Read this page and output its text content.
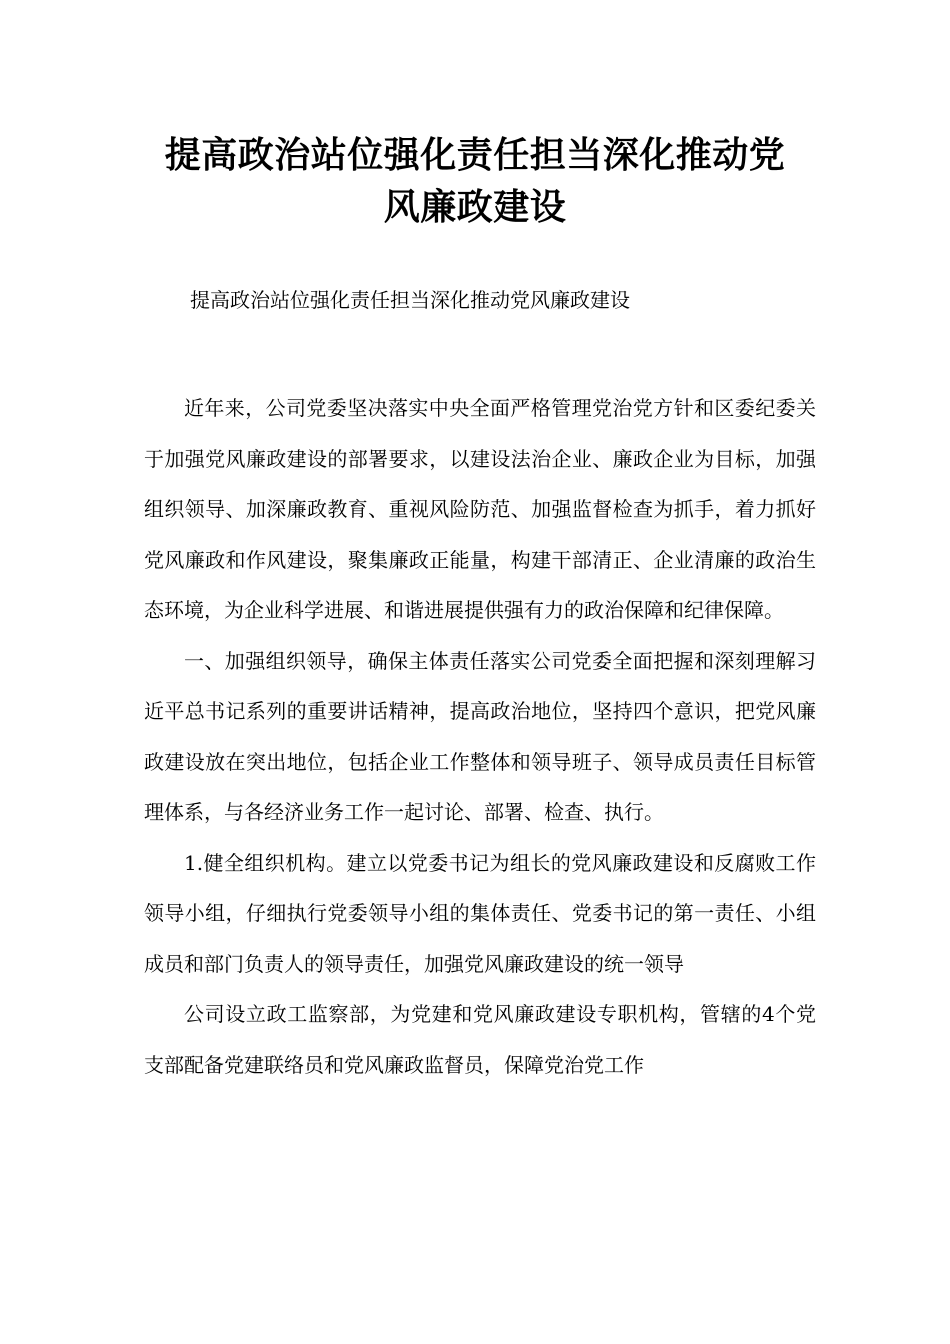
提高政治站位强化责任担当深化推动党
风廉政建设

提高政治站位强化责任担当深化推动党风廉政建设

近年来，公司党委坚决落实中央全面严格管理党治党方针和区委纪委关于加强党风廉政建设的部署要求，以建设法治企业、廉政企业为目标，加强组织领导、加深廉政教育、重视风险防范、加强监督检查为抓手，着力抓好党风廉政和作风建设，聚集廉政正能量，构建干部清正、企业清廉的政治生态环境，为企业科学进展、和谐进展提供强有力的政治保障和纪律保障。

一、加强组织领导，确保主体责任落实公司党委全面把握和深刻理解习近平总书记系列的重要讲话精神，提高政治地位，坚持四个意识，把党风廉政建设放在突出地位，包括企业工作整体和领导班子、领导成员责任目标管理体系，与各经济业务工作一起讨论、部署、检查、执行。

1.健全组织机构。建立以党委书记为组长的党风廉政建设和反腐败工作领导小组，仔细执行党委领导小组的集体责任、党委书记的第一责任、小组成员和部门负责人的领导责任，加强党风廉政建设的统一领导

公司设立政工监察部，为党建和党风廉政建设专职机构，管辖的4个党支部配备党建联络员和党风廉政监督员，保障党治党工作
